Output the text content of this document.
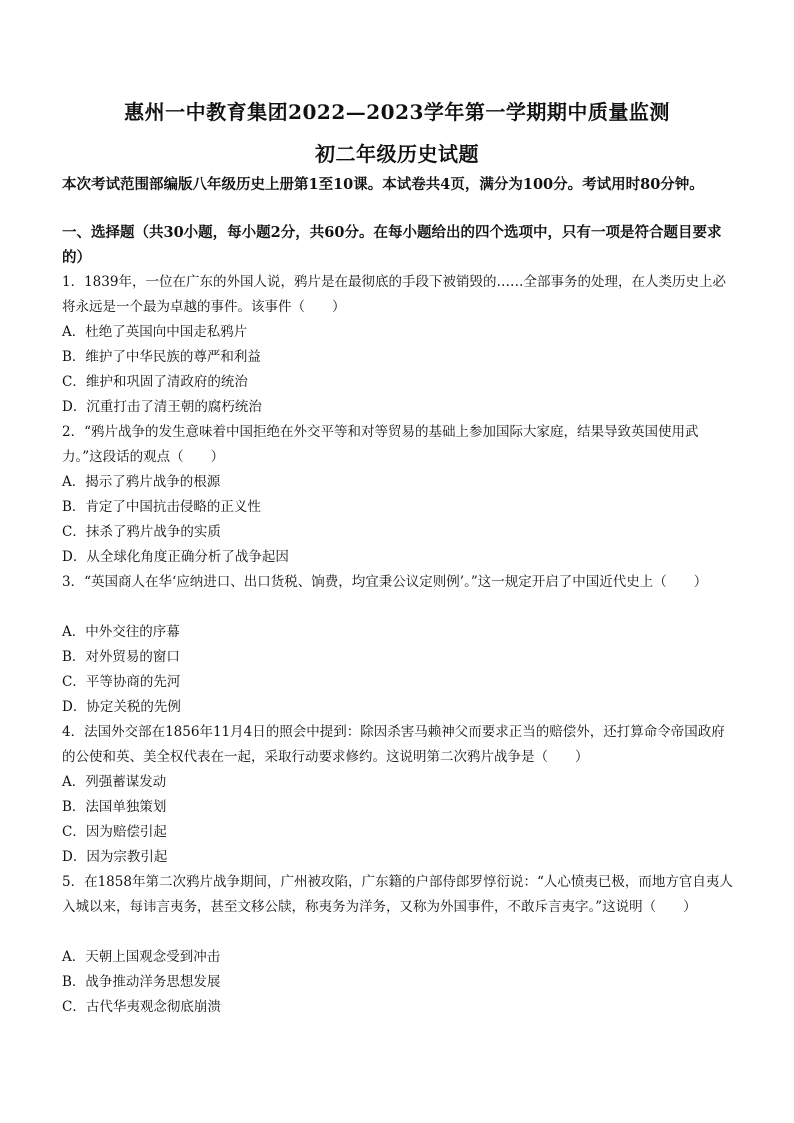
惠州一中教育集团2022—2023学年第一学期期中质量监测
初二年级历史试题
本次考试范围部编版八年级历史上册第1至10课。本试卷共4页，满分为100分。考试用时80分钟。
一、选择题（共30小题，每小题2分，共60分。在每小题给出的四个选项中，只有一项是符合题目要求的）
1．1839年，一位在广东的外国人说，鸦片是在最彻底的手段下被销毁的……全部事务的处理，在人类历史上必将永远是一个最为卓越的事件。该事件（　　）
A．杜绝了英国向中国走私鸦片
B．维护了中华民族的尊严和利益
C．维护和巩固了清政府的统治
D．沉重打击了清王朝的腐朽统治
2．“鸦片战争的发生意味着中国拒绝在外交平等和对等贸易的基础上参加国际大家庭，结果导致英国使用武力。”这段话的观点（　　）
A．揭示了鸦片战争的根源
B．肯定了中国抗击侵略的正义性
C．抹杀了鸦片战争的实质
D．从全球化角度正确分析了战争起因
3．“英国商人在华‘应纳进口、出口货税、饷费，均宜秉公议定则例’。”这一规定开启了中国近代史上（　　）
A．中外交往的序幕
B．对外贸易的窗口
C．平等协商的先河
D．协定关税的先例
4．法国外交部在1856年11月4日的照会中提到：除因杀害马赖神父而要求正当的赔偿外，还打算命令帝国政府的公使和英、美全权代表在一起，采取行动要求修约。这说明第二次鸦片战争是（　　）
A．列强蓄谋发动
B．法国单独策划
C．因为赔偿引起
D．因为宗教引起
5．在1858年第二次鸦片战争期间，广州被攻陷，广东籍的户部侍郎罗惇衍说：“人心愤夷已极，而地方官自夷人入城以来，每讳言夷务，甚至文移公牍，称夷务为洋务，又称为外国事件，不敢斥言夷字。”这说明（　　）
A．天朝上国观念受到冲击
B．战争推动洋务思想发展
C．古代华夷观念彻底崩溃
